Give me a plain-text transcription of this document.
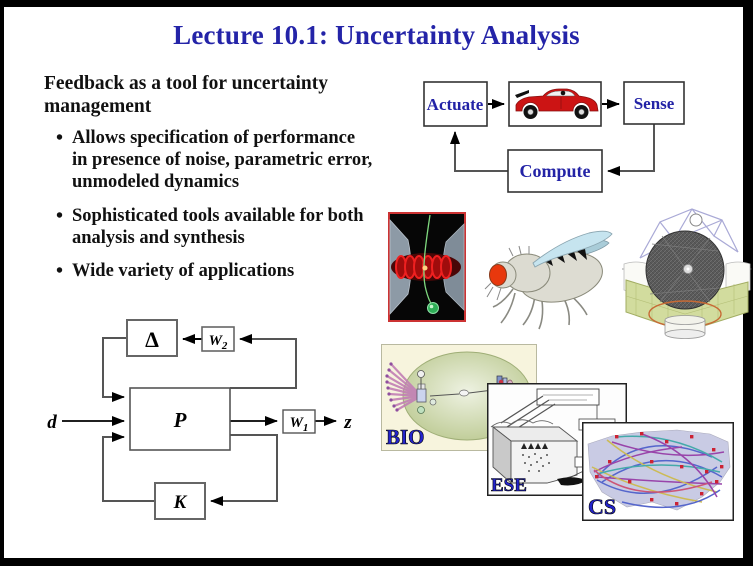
Lecture 10.1: Uncertainty Analysis
Feedback as a tool for uncertainty management
• Allows specification of performance in presence of noise, parametric error, unmodeled dynamics
• Sophisticated tools available for both analysis and synthesis
• Wide variety of applications
Actuate	Sense
Compute
Δ	$W_2$
P	$W_1$
K
d	z
BIO
ESE
CS
